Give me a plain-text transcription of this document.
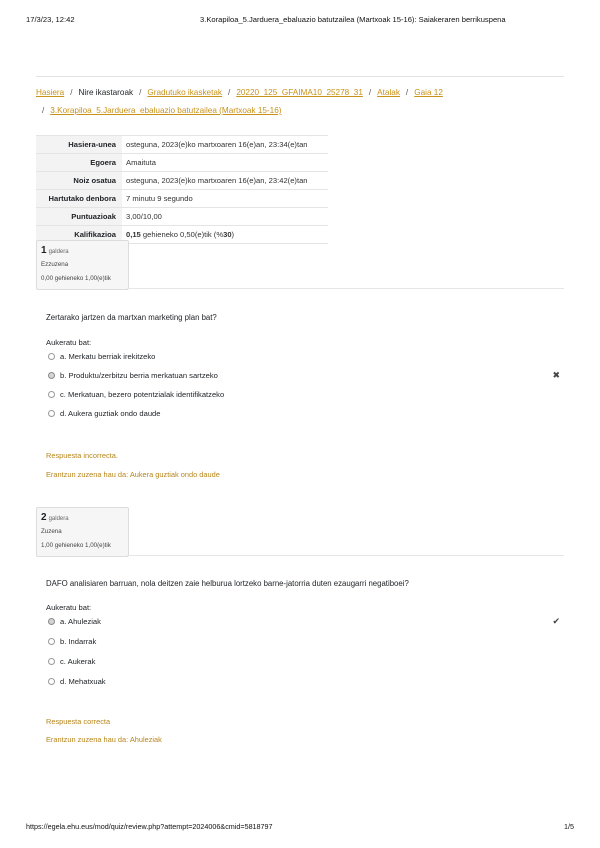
17/3/23, 12:42	3.Korapiloa_5.Jarduera_ebaluazio batutzailea (Martxoak 15-16): Saiakeraren berrikuspena
Hasiera / Nire ikastaroak / Gradutuko ikasketak / 20220_125_GFAIMA10_25278_31 / Atalak / Gaia 12
/ 3.Korapiloa_5.Jarduera_ebaluazio batutzailea (Martxoak 15-16)
Hasiera-unea	osteguna, 2023(e)ko martxoaren 16(e)an, 23:34(e)tan
Egoera	Amaituta
Noiz osatua	osteguna, 2023(e)ko martxoaren 16(e)an, 23:42(e)tan
Hartutako denbora	7 minutu 9 segundo
Puntuazioak	3,00/10,00
Kalifikazioa	0,15 gehieneko 0,50(e)tik (%30)
1 galdera
Ezzuzena
0,00 gehieneko 1,00(e)tik
Zertarako jartzen da martxan marketing plan bat?
Aukeratu bat:
a. Merkatu berriak irekitzeko
b. Produktu/zerbitzu berria merkatuan sartzeko
c. Merkatuan, bezero potentzialak identifikatzeko
d. Aukera guztiak ondo daude
✖
Respuesta incorrecta.
Erantzun zuzena hau da: Aukera guztiak ondo daude
2 galdera
Zuzena
1,00 gehieneko 1,00(e)tik
DAFO analisiaren barruan, nola deitzen zaie helburua lortzeko barne-jatorria duten ezaugarri negatiboei?
Aukeratu bat:
a. Ahuleziak
b. Indarrak
c. Aukerak
d. Mehatxuak
✔
Respuesta correcta
Erantzun zuzena hau da: Ahuleziak
https://egela.ehu.eus/mod/quiz/review.php?attempt=2024006&cmid=5818797	1/5
